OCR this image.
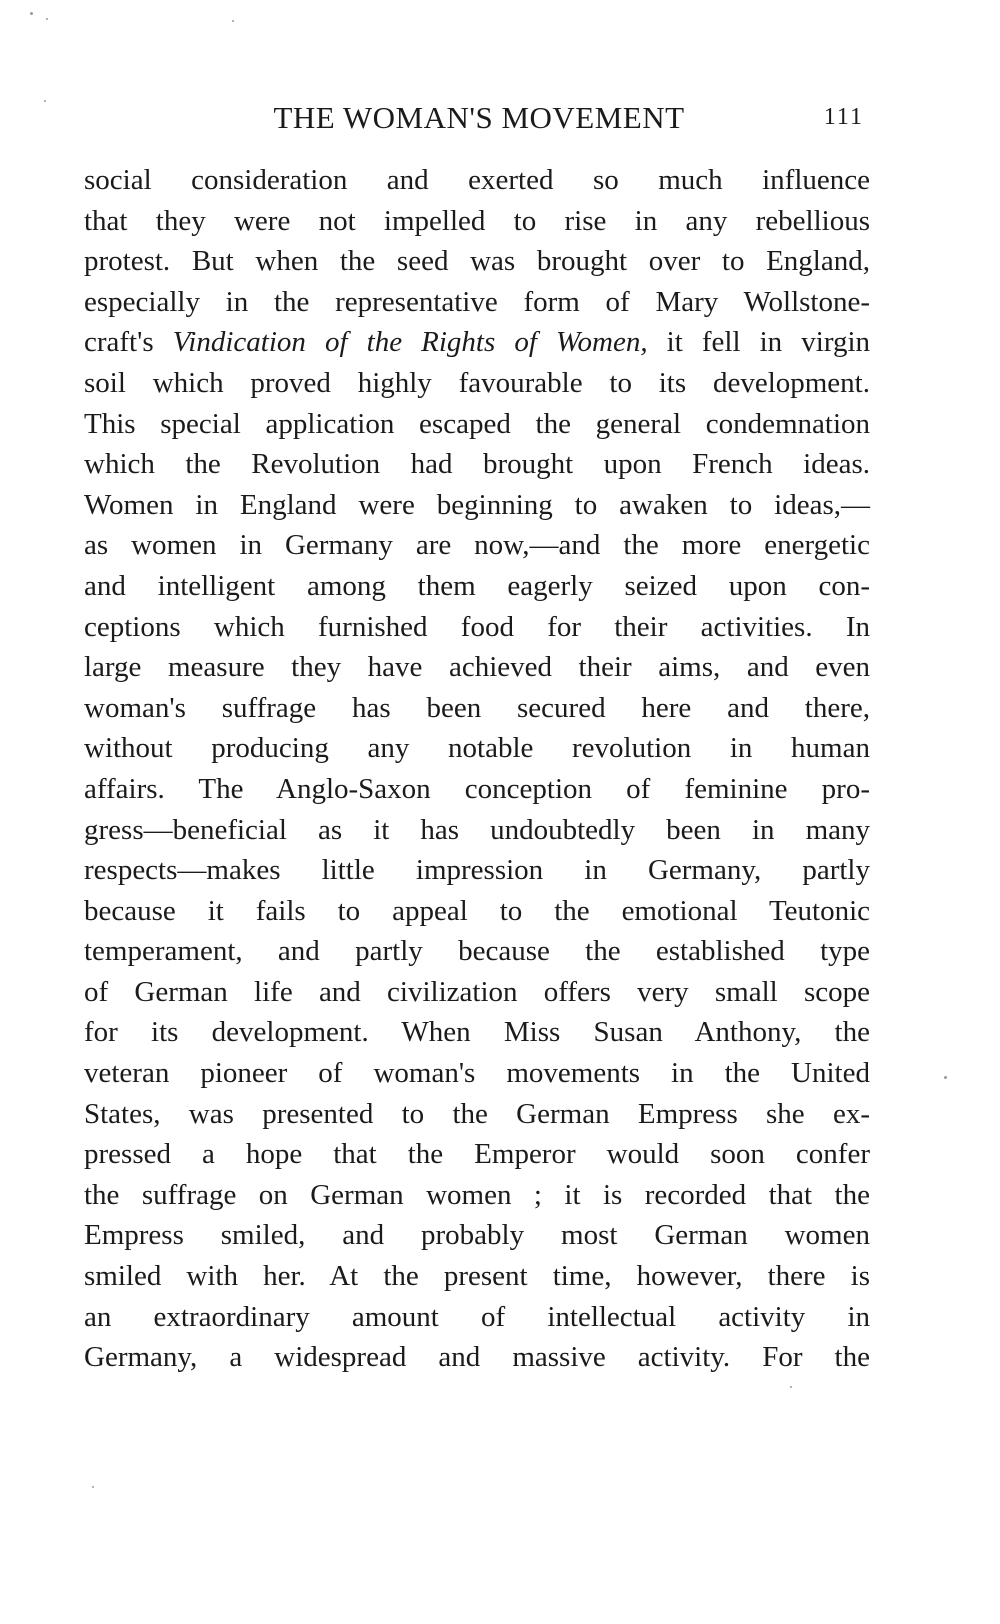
THE WOMAN'S MOVEMENT	111
social consideration and exerted so much influence
that they were not impelled to rise in any rebellious
protest. But when the seed was brought over to England,
especially in the representative form of Mary Wollstone-
craft's Vindication of the Rights of Women, it fell in virgin
soil which proved highly favourable to its development.
This special application escaped the general condemnation
which the Revolution had brought upon French ideas.
Women in England were beginning to awaken to ideas,—
as women in Germany are now,—and the more energetic
and intelligent among them eagerly seized upon con-
ceptions which furnished food for their activities. In
large measure they have achieved their aims, and even
woman's suffrage has been secured here and there,
without producing any notable revolution in human
affairs. The Anglo-Saxon conception of feminine pro-
gress—beneficial as it has undoubtedly been in many
respects—makes little impression in Germany, partly
because it fails to appeal to the emotional Teutonic
temperament, and partly because the established type
of German life and civilization offers very small scope
for its development. When Miss Susan Anthony, the
veteran pioneer of woman's movements in the United
States, was presented to the German Empress she ex-
pressed a hope that the Emperor would soon confer
the suffrage on German women ; it is recorded that the
Empress smiled, and probably most German women
smiled with her. At the present time, however, there is
an extraordinary amount of intellectual activity in
Germany, a widespread and massive activity. For the
